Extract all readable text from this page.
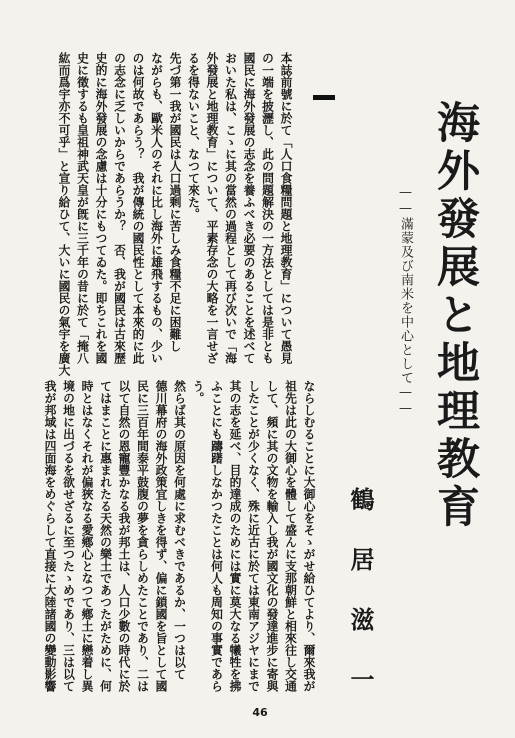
海外發展と地理教育
——滿蒙及び南米を中心として——
鶴居滋一
本誌前號に於て「人口食糧問題と地理教育」について愚見
の一端を披瀝し、此の問題解決の一方法としては是非とも
國民に海外發展の志念を養ふべき必要のあることを述べて
おいた私は、こゝに其の當然の過程として再び次いで「海
外發展と地理教育」について、平素存念の大略を一言せざ
るを得ないこと、なつて來た。
先づ第一我が國民は人口過剩に苦しみ食糧不足に困難し
ながらも、歐米人のそれに比し海外に雄飛するもの、少い
のは何故であらう？　我が傳統の國民性として本來的に此
の志念に乏しいからであらうか？　否、我が國民は古來歷
史的に海外發展の念慮は十分にもつてゐた。即ちこれを國
史に徵するも皇祖神武天皇が旣に三千年の昔に於て「掩八
紘而爲宇亦不可乎」と宣り給ひて、大いに國民の氣宇を廣大
ならしむることに大御心をそゝがせ給ひてより、爾來我が
祖先は此の大御心を體して盛んに支那朝鮮と相來往し交通
して、頻に其の文物を輸入し我が國文化の發達進步に寄與
したことが少くなく、殊に近古に於ては東南アジヤにまで
其の志を延べ、目的達成のためには實に莫大なる犧牲を拂
ふことにも躊躇しなかつたことは何人も周知の事實であら
う。
然らば其の原因を何處に求むべきであるか、一つは以て
德川幕府の海外政策宜しきを得ず、偏に鎖國を旨として國
民に三百年間泰平鼓腹の夢を貪らしめたことであり、二は
以て自然の恩寵豐かなる我が邦土は、人口少數の時代に於
てはまことに惠まれたる天然の樂土であつたがために、何
時とはなくそれが偏狹なる愛鄕心となつて鄕土に戀着し異
境の地に出づるを欲せざるに至つたゝめであり、三は以て
我が邦域は四面海をめぐらして直接に大陸諸國の變動影響
46
